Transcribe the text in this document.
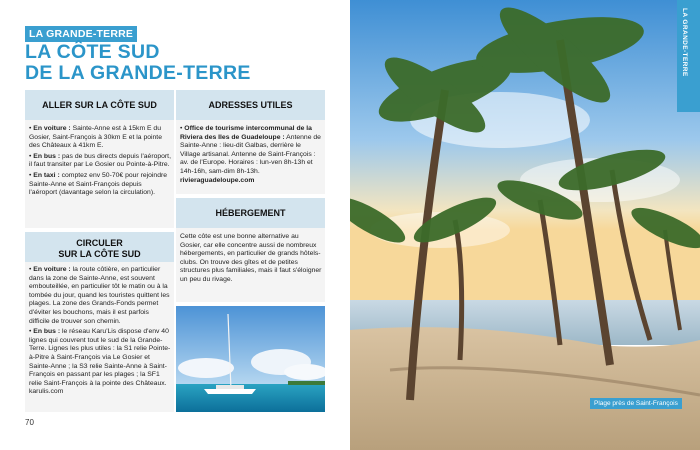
LA GRANDE-TERRE
LA CÔTE SUD
DE LA GRANDE-TERRE
ALLER SUR LA CÔTE SUD

• En voiture : Sainte-Anne est à 15km E du Gosier, Saint-François à 30km E et la pointe des Châteaux à 41km E.

• En bus : pas de bus directs depuis l'aéroport, il faut transiter par Le Gosier ou Pointe-à-Pitre.

• En taxi : comptez env 50-70€ pour rejoindre Sainte-Anne et Saint-François depuis l'aéroport (davantage selon la circulation).

CIRCULER
SUR LA CÔTE SUD

• En voiture : la route côtière, en particulier dans la zone de Sainte-Anne, est souvent embouteillée, en particulier tôt le matin ou à la tombée du jour, quand les touristes quittent les plages. La zone des Grands-Fonds permet d'éviter les bouchons, mais il est parfois difficile de trouver son chemin.

• En bus : le réseau Karu'Lis dispose d'env 40 lignes qui couvrent tout le sud de la Grande-Terre. Lignes les plus utiles : la S1 relie Pointe-à-Pitre à Saint-François via Le Gosier et Sainte-Anne ; la S3 relie Sainte-Anne à Saint-François en passant par les plages ; la SF1 relie Saint-François à la pointe des Châteaux. karulis.com

ADRESSES UTILES

• Office de tourisme intercommunal de la Riviera des Iles de Guadeloupe : Antenne de Sainte-Anne : lieu-dit Galbas, derrière le Village artisanal. Antenne de Saint-François : av. de l'Europe. Horaires : lun-ven 8h-13h et 14h-16h, sam-dim 8h-13h. rivieraguadeloupe.com

HÉBERGEMENT
Cette côte est une bonne alternative au Gosier, car elle concentre aussi de nombreux hébergements, en particulier de grands hôtels-clubs. On trouve des gîtes et de petites structures plus familiales, mais il faut s'éloigner un peu du rivage.
70
LA GRANDE-TERRE
Plage près de Saint-François
